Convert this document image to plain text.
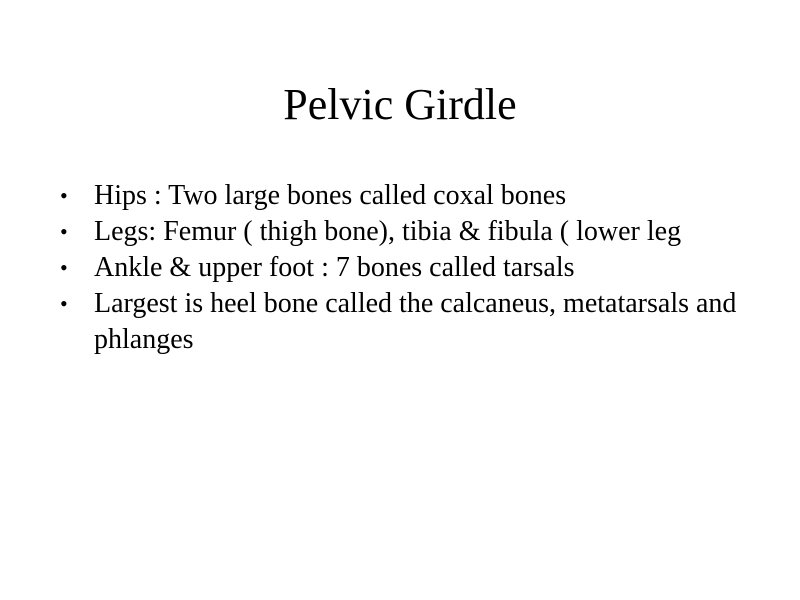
Pelvic Girdle
• Hips : Two large bones called coxal bones
• Legs: Femur ( thigh bone), tibia & fibula ( lower leg
• Ankle & upper foot : 7 bones called tarsals
• Largest is heel bone called the calcaneus, metatarsals and phlanges
